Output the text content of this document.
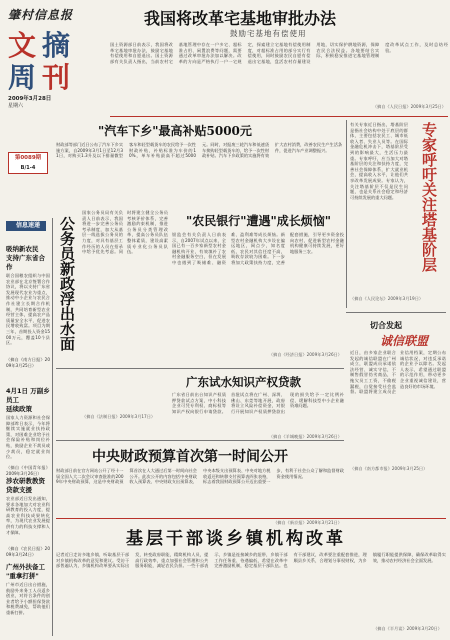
肇村信息报
文 摘
周 刊
2009年3月28日
星期六
第0089期
B/1-4
信息速递
吸纳新农民
支持广东省合作
联合国粮农组织与中国农业部在北京签署合作协议，将以支持广东省发展现代农业为重点，推动中小企业与农民合作社建立长期合作机制，共同培育新型农业经营主体，提高农产品质量安全水平，促进农民增收致富。项目为期三年，首期投入资金1500万元，覆盖10个县区。
（摘自《南方日报》2009年3月25日）
4月1日 万副乡员工
延续政策
国家人力资源和社会保障部昨日表示，今年将继续实施就业扶持政策，对困难企业给予社会保险补贴和岗位补贴，鼓励企业不裁员或少裁员，稳定就业岗位。
（摘自《中国青年报》2009年3月26日）
涉农研教教资
贷款支援
农业部近日发出通知，要求各地加大对农业科研教育的投入力度，提高农业科技成果转化率，为现代农业发展提供有力的科技支撑和人才保障。
（摘自《农民日报》2009年3月24日）
广州外扶备工
"重拿打拼"
广州市近日出台措施，鼓励外来务工人员返乡创业，对符合条件的创业者给予小额担保贷款和税费减免，帮助他们重新打拼。
我国将改革宅基地审批办法
鼓励宅基地有偿使用
国土资源部日前表示，我国将改革宅基地审批办法，鼓励宅基地有偿使用和自愿退出。国土资源部有关负责人指出，当前农村宅基地管理中存在一户多宅、超标准占用、闲置浪费等问题，需要通过改革审批办法加以解决。改革的方向是严格执行一户一宅规定，探索建立宅基地有偿使用制度，对超标准占用的部分实行有偿使用，同时鼓励农民自愿有偿退出宅基地，盘活农村存量建设用地，切实保护耕地资源，保障农民合法权益。各地要结合实际，积极稳妥推进宅基地管理制度改革试点工作，及时总结经验。
（摘自《人民日报》2009年3月25日）
"汽车下乡"最高补贴5000元
财政部等部门近日公布了汽车下乡实施方案，自2009年3月1日至12月31日，对购买1.3升及以下排量微型客车和轻型载货车的农民给予一次性财政补贴，补贴标准为车价的10%，单车补贴最高不超过5000元。同时，对报废三轮汽车和低速货车换购轻型载货车的，给予一次性财政补贴。汽车下乡政策的实施将有效扩大农村消费，改善农民生产生活条件，促进汽车产业调整振兴。
有关专家近日指出，塔基阶层是指社会结构中处于底层的群体，主要包括农民工、城市低收入者、失业人员等。在国际金融危机冲击下，塔基阶层受到的影响最大，生活压力最重。专家呼吁，应当加大对塔基阶层的关注和扶持力度，完善社会保障体系，扩大就业机会，提高收入水平，让他们共享改革发展成果。专家认为，关注塔基阶层不仅是民生问题，也是关系社会稳定和经济可持续发展的重大问题。	专家呼吁关注塔基阶层
（摘自《人民论坛》2009年3月19日）
公务员新政浮出水面
国家公务员局有关负责人日前表示，我国将进一步完善公务员考录制度，加大从基层一线选拔公务员的力度，对具有基层工作经历的人员在招录中给予优先考虑。同时将建立健全公务员考核评价体系，完善激励约束机制，推进公务员分类管理改革，提高公务员队伍整体素质，建设高素质专业化公务员队伍。
（摘自《法制日报》2009年3月17日）
"农民银行"遭遇"成长烦恼"
银监会有关负责人日前表示，自2007年试点以来，全国已有一百多家新型农村金融机构开业，有效填补了农村金融服务空白，但在发展中也遇到了吸储难、融资难、盈利难等成长烦恼。新型农村金融机构大多设在偏远地区，网点少，知名度低，农民对其信任度不高，吸收存款较为困难。下一步将加大政策扶持力度，完善配套措施，引导更多资金投向农村，促进新型农村金融机构健康可持续发展，更好地服务三农。
（摘自《经济日报》2009年3月26日）
切合发起
诚信联盟
近日，由多家企业联合发起的诚信联盟在广州成立，联盟成员承诺依法经营、诚实守信，不制售假冒伪劣商品，不拖欠员工工资，不偷税漏税，自觉接受社会监督。联盟将建立成员企业信用档案，定期公布诚信状况，对违反承诺的企业予以除名。发起人表示，希望通过联盟的示范作用，带动更多企业重视诚信建设，营造良好的市场环境。
（摘自《南方都市报》2009年3月25日）
广东试水知识产权贷款
广东省日前出台知识产权质押贷款试点方案，中小科技企业可凭专利权、商标权等知识产权向银行申请贷款。首批试点将在广州、深圳、佛山、东莞等地开展，政府将设立风险补偿资金，对银行开展知识产权质押贷款出现的损失给予一定比例补偿，缓解科技型中小企业融资难问题。
（摘自《羊城晚报》2009年3月26日）
中央财政预算首次第一时间公开
财政部日前在官方网站公开了经十一届全国人大二次会议审查批准的2009年中央财政预算，这是中央财政预算首次在人大通过后第一时间向社会公开。此次公开的内容包括中央财政收入预算表、中央财政支出预算表、中央本级支出预算表、中央对地方税收返还和转移支付预算表四张表格，标志着我国财政预算公开迈出重要一步，有利于社会公众了解和监督财政资金使用情况。
（摘自《新京报》2009年3月21日）
基层干部谈乡镇机构改革
记者近日走访多地乡镇，听取基层干部对乡镇机构改革的意见和建议。受访干部普遍认为，乡镇机构改革要从实际出发，转变政府职能，精简机构人员，提高行政效率，重点加强社会管理和公共服务职能，减轻农民负担。一些干部表示，乡镇是连接城乡的纽带，乡镇干部工作任务重、待遇偏低，希望在改革中完善激励机制，稳定基层干部队伍。也有干部建议，改革要注重配套推进，理顺县乡关系，合理划分事权财权，为乡镇履行职能提供保障，确保改革取得实效，推动农村经济社会全面发展。
（摘自《半月谈》2009年3月20日）
